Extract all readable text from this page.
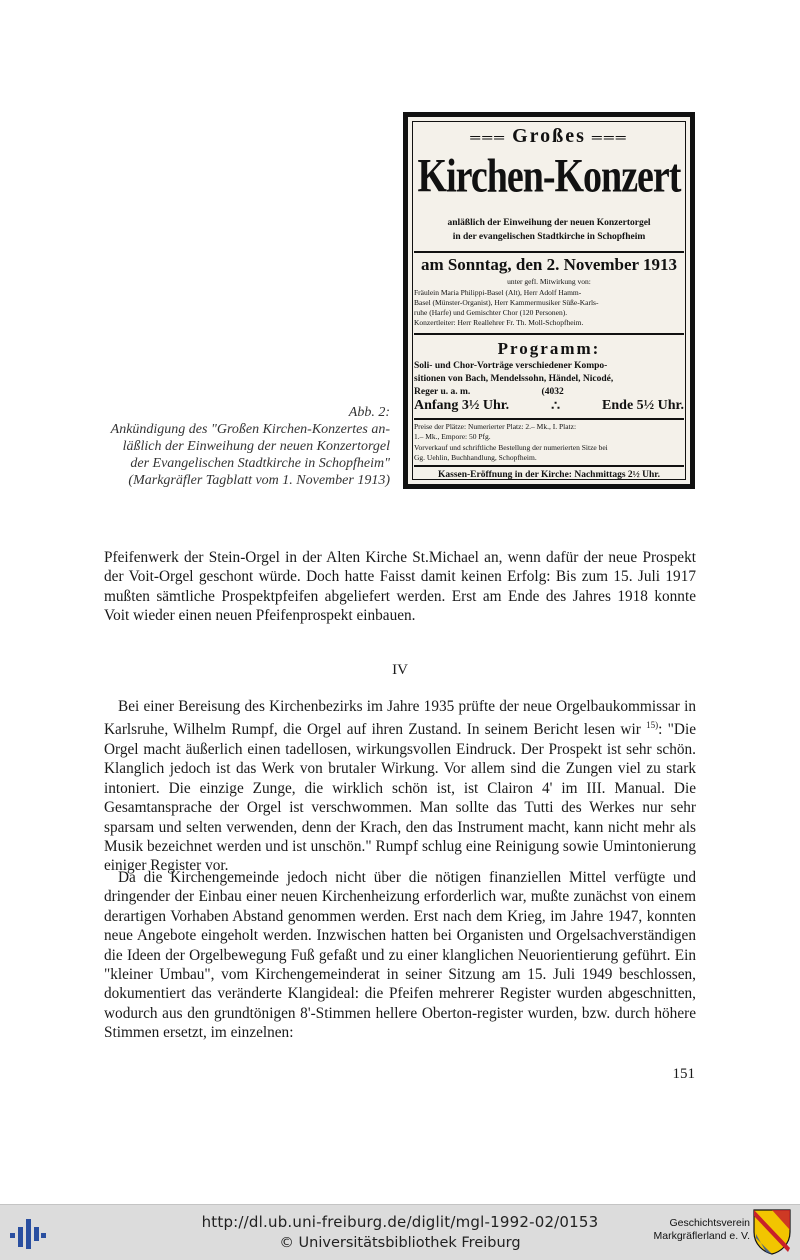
═══ Großes ═══
Kirchen-Konzert
anläßlich der Einweihung der neuen Konzertorgel
in der evangelischen Stadtkirche in Schopfheim
am Sonntag, den 2. November 1913
unter gefl. Mitwirkung von:
Fräulein Maria Philippi-Basel (Alt), Herr Adolf Hamm-
Basel (Münster-Organist), Herr Kammermusiker Süße-Karls-
ruhe (Harfe) und Gemischter Chor (120 Personen).
Konzertleiter: Herr Reallehrer Fr. Th. Moll-Schopfheim.
Programm:
Soli- und Chor-Vorträge verschiedener Kompo-
sitionen von Bach, Mendelssohn, Händel, Nicodé,
Reger u. a. m.                              (4032
Anfang 3½ Uhr.	∴	Ende 5½ Uhr.
Preise der Plätze: Numerierter Platz: 2.– Mk., I. Platz:
1.– Mk., Empore: 50 Pfg.
Vorverkauf und schriftliche Bestellung der numerierten Sitze bei
Gg. Uehlin, Buchhandlung, Schopfheim.
Kassen-Eröffnung in der Kirche: Nachmittags 2½ Uhr.
Abb. 2:
Ankündigung des "Großen Kirchen-Konzertes an-
läßlich der Einweihung der neuen Konzertorgel
der Evangelischen Stadtkirche in Schopfheim"
(Markgräfler Tagblatt vom 1. November 1913)

Pfeifenwerk der Stein-Orgel in der Alten Kirche St.Michael an, wenn dafür der neue Prospekt der Voit-Orgel geschont würde. Doch hatte Faisst damit keinen Erfolg: Bis zum 15. Juli 1917 mußten sämtliche Prospektpfeifen abgeliefert werden. Erst am Ende des Jahres 1918 konnte Voit wieder einen neuen Pfeifenprospekt einbauen.

IV

Bei einer Bereisung des Kirchenbezirks im Jahre 1935 prüfte der neue Orgelbaukommissar in Karlsruhe, Wilhelm Rumpf, die Orgel auf ihren Zustand. In seinem Bericht lesen wir $^{15)}$: "Die Orgel macht äußerlich einen tadellosen, wirkungsvollen Eindruck. Der Prospekt ist sehr schön. Klanglich jedoch ist das Werk von brutaler Wirkung. Vor allem sind die Zungen viel zu stark intoniert. Die einzige Zunge, die wirklich schön ist, ist Clairon 4' im III. Manual. Die Gesamtansprache der Orgel ist verschwommen. Man sollte das Tutti des Werkes nur sehr sparsam und selten verwenden, denn der Krach, den das Instrument macht, kann nicht mehr als Musik bezeichnet werden und ist unschön." Rumpf schlug eine Reinigung sowie Umintonierung einiger Register vor.

Da die Kirchengemeinde jedoch nicht über die nötigen finanziellen Mittel verfügte und dringender der Einbau einer neuen Kirchenheizung erforderlich war, mußte zunächst von einem derartigen Vorhaben Abstand genommen werden. Erst nach dem Krieg, im Jahre 1947, konnten neue Angebote eingeholt werden. Inzwischen hatten bei Organisten und Orgelsachverständigen die Ideen der Orgelbewegung Fuß gefaßt und zu einer klanglichen Neuorientierung geführt. Ein "kleiner Umbau", vom Kirchengemeinderat in seiner Sitzung am 15. Juli 1949 beschlossen, dokumentiert das veränderte Klangideal: die Pfeifen mehrerer Register wurden abgeschnitten, wodurch aus den grundtönigen 8'-Stimmen hellere Oberton-register wurden, bzw. durch höhere Stimmen ersetzt, im einzelnen:

151
http://dl.ub.uni-freiburg.de/diglit/mgl-1992-02/0153
© Universitätsbibliothek Freiburg
Geschichtsverein
Markgräflerland e. V.
